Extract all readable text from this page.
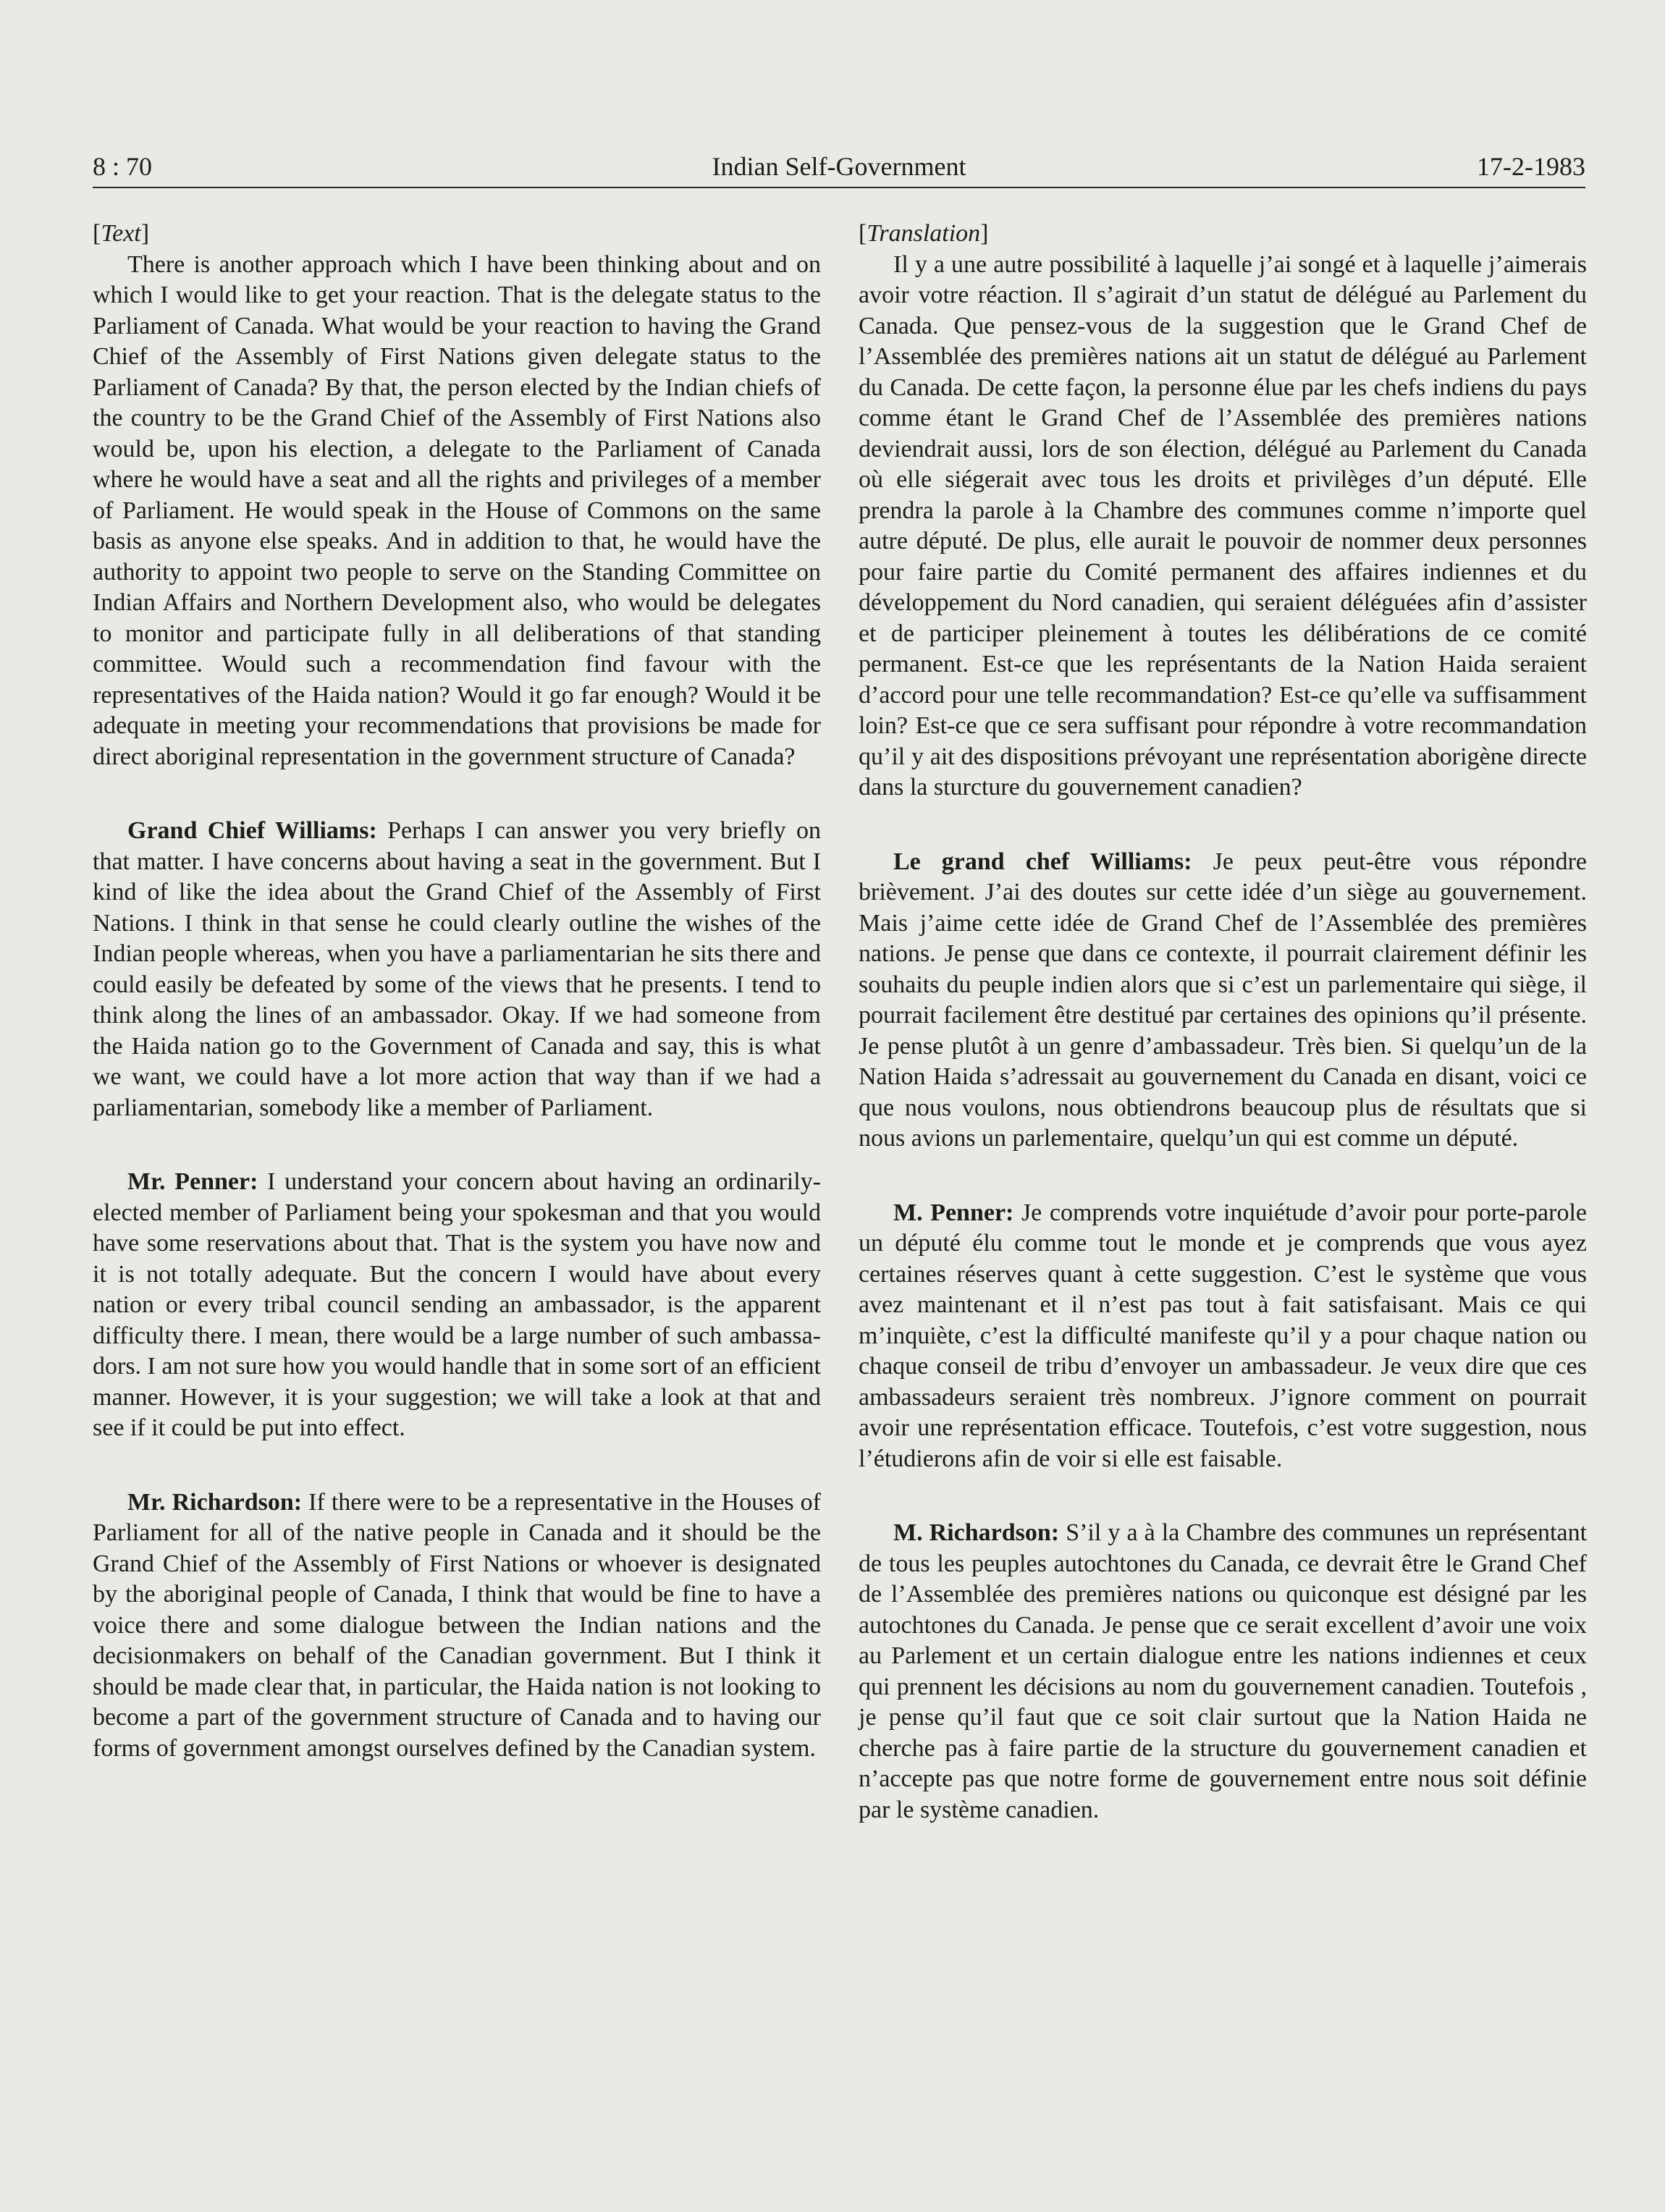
8 : 70	Indian Self-Government	17-2-1983

[Text]

There is another approach which I have been thinking about and on which I would like to get your reaction. That is the delegate status to the Parliament of Canada. What would be your reaction to having the Grand Chief of the Assembly of First Nations given delegate status to the Parliament of Canada? By that, the person elected by the Indian chiefs of the country to be the Grand Chief of the Assembly of First Nations also would be, upon his election, a delegate to the Parliament of Canada where he would have a seat and all the rights and privileges of a member of Parliament. He would speak in the House of Commons on the same basis as anyone else speaks. And in addition to that, he would have the authority to appoint two people to serve on the Standing Committee on Indian Affairs and Northern Development also, who would be delegates to monitor and participate fully in all deliberations of that standing committee. Would such a recommendation find favour with the representatives of the Haida nation? Would it go far enough? Would it be adequate in meeting your recommendations that provisions be made for direct aboriginal representation in the government structure of Canada?

Grand Chief Williams: Perhaps I can answer you very briefly on that matter. I have concerns about having a seat in the government. But I kind of like the idea about the Grand Chief of the Assembly of First Nations. I think in that sense he could clearly outline the wishes of the Indian people whereas, when you have a parliamentarian he sits there and could easily be defeated by some of the views that he presents. I tend to think along the lines of an ambassador. Okay. If we had someone from the Haida nation go to the Government of Canada and say, this is what we want, we could have a lot more action that way than if we had a parliamentarian, somebody like a member of Parliament.

Mr. Penner: I understand your concern about having an ordinarily-elected member of Parliament being your spokesman and that you would have some reservations about that. That is the system you have now and it is not totally adequate. But the concern I would have about every nation or every tribal council sending an ambassador, is the apparent difficulty there. I mean, there would be a large number of such ambassadors. I am not sure how you would handle that in some sort of an efficient manner. However, it is your suggestion; we will take a look at that and see if it could be put into effect.

Mr. Richardson: If there were to be a representative in the Houses of Parliament for all of the native people in Canada and it should be the Grand Chief of the Assembly of First Nations or whoever is designated by the aboriginal people of Canada, I think that would be fine to have a voice there and some dialogue between the Indian nations and the decisionmakers on behalf of the Canadian government. But I think it should be made clear that, in particular, the Haida nation is not looking to become a part of the government structure of Canada and to having our forms of government amongst ourselves defined by the Canadian system.

[Translation]

Il y a une autre possibilité à laquelle j’ai songé et à laquelle j’aimerais avoir votre réaction. Il s’agirait d’un statut de délégué au Parlement du Canada. Que pensez-vous de la suggestion que le Grand Chef de l’Assemblée des premières nations ait un statut de délégué au Parlement du Canada. De cette façon, la personne élue par les chefs indiens du pays comme étant le Grand Chef de l’Assemblée des premières nations deviendrait aussi, lors de son élection, délégué au Parlement du Canada où elle siégerait avec tous les droits et privilèges d’un député. Elle prendra la parole à la Chambre des communes comme n’importe quel autre député. De plus, elle aurait le pouvoir de nommer deux personnes pour faire partie du Comité permanent des affaires indiennes et du développement du Nord canadien, qui seraient déléguées afin d’assister et de participer pleinement à toutes les délibérations de ce comité permanent. Est-ce que les représentants de la Nation Haida seraient d’accord pour une telle recommandation? Est-ce qu’elle va suffisamment loin? Est-ce que ce sera suffisant pour répondre à votre recommandation qu’il y ait des dispositions prévoyant une représentation aborigène directe dans la sturcture du gouvernement canadien?

Le grand chef Williams: Je peux peut-être vous répondre brièvement. J’ai des doutes sur cette idée d’un siège au gouvernement. Mais j’aime cette idée de Grand Chef de l’Assemblée des premières nations. Je pense que dans ce contexte, il pourrait clairement définir les souhaits du peuple indien alors que si c’est un parlementaire qui siège, il pourrait facilement être destitué par certaines des opinions qu’il présente. Je pense plutôt à un genre d’ambassadeur. Très bien. Si quelqu’un de la Nation Haida s’adressait au gouvernement du Canada en disant, voici ce que nous voulons, nous obtiendrons beaucoup plus de résultats que si nous avions un parlementaire, quelqu’un qui est comme un député.

M. Penner: Je comprends votre inquiétude d’avoir pour porte-parole un député élu comme tout le monde et je comprends que vous ayez certaines réserves quant à cette suggestion. C’est le système que vous avez maintenant et il n’est pas tout à fait satisfaisant. Mais ce qui m’inquiète, c’est la difficulté manifeste qu’il y a pour chaque nation ou chaque conseil de tribu d’envoyer un ambassadeur. Je veux dire que ces ambassadeurs seraient très nombreux. J’ignore comment on pourrait avoir une représentation efficace. Toutefois, c’est votre suggestion, nous l’étudierons afin de voir si elle est faisable.

M. Richardson: S’il y a à la Chambre des communes un représentant de tous les peuples autochtones du Canada, ce devrait être le Grand Chef de l’Assemblée des premières nations ou quiconque est désigné par les autochtones du Canada. Je pense que ce serait excellent d’avoir une voix au Parlement et un certain dialogue entre les nations indiennes et ceux qui prennent les décisions au nom du gouvernement canadien. Toutefois , je pense qu’il faut que ce soit clair surtout que la Nation Haida ne cherche pas à faire partie de la structure du gouvernement canadien et n’accepte pas que notre forme de gouvernement entre nous soit définie par le système canadien.
